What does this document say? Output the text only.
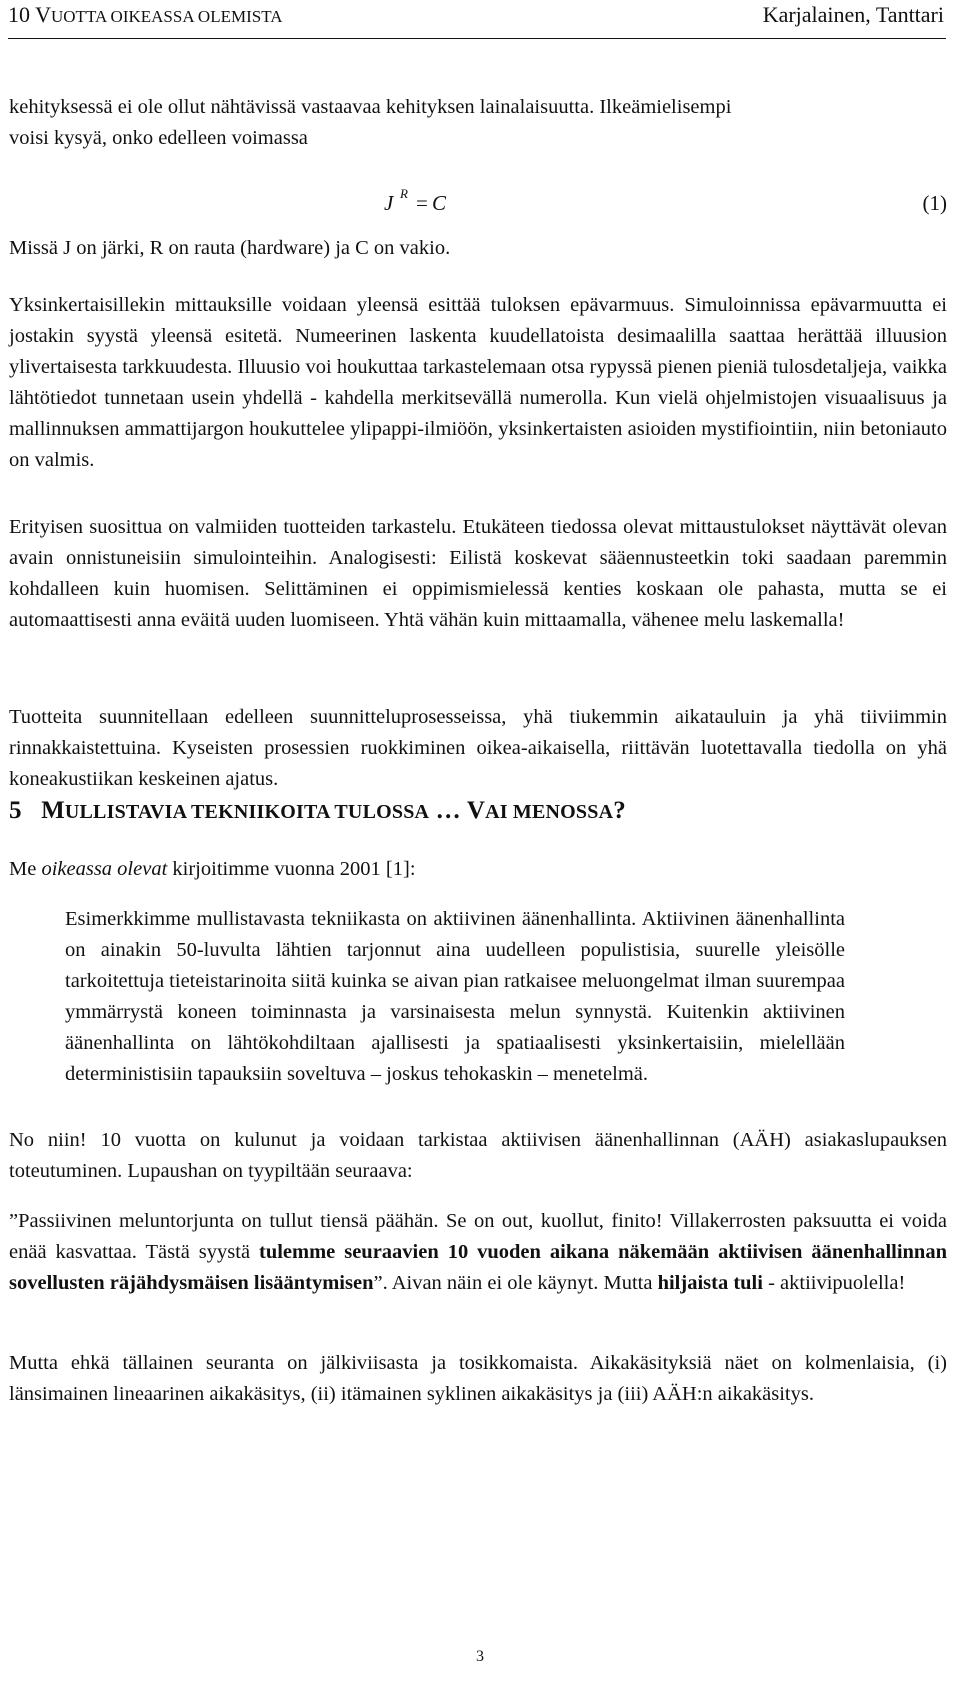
10 VUOTTA OIKEASSA OLEMISTA	Karjalainen, Tanttari

kehityksessä ei ole ollut nähtävissä vastaavaa kehityksen lainalaisuutta. Ilkeämielisempi
voisi kysyä, onko edelleen voimassa

J R = C	(1)

Missä J on järki, R on rauta (hardware) ja C on vakio.

Yksinkertaisillekin mittauksille voidaan yleensä esittää tuloksen epävarmuus. Simuloinnissa epävarmuutta ei jostakin syystä yleensä esitetä. Numeerinen laskenta kuudellatoista desimaalilla saattaa herättää illuusion ylivertaisesta tarkkuudesta. Illuusio voi houkuttaa tarkastelemaan otsa rypyssä pienen pieniä tulosdetaljeja, vaikka lähtötiedot tunnetaan usein yhdellä - kahdella merkitsevällä numerolla. Kun vielä ohjelmistojen visuaalisuus ja mallinnuksen ammattijargon houkuttelee ylipappi-ilmiöön, yksinkertaisten asioiden mystifiointiin, niin betoniauto on valmis.

Erityisen suosittua on valmiiden tuotteiden tarkastelu. Etukäteen tiedossa olevat mittaustulokset näyttävät olevan avain onnistuneisiin simulointeihin. Analogisesti: Eilistä koskevat sääennusteetkin toki saadaan paremmin kohdalleen kuin huomisen. Selittäminen ei oppimismielessä kenties koskaan ole pahasta, mutta se ei automaattisesti anna eväitä uuden luomiseen. Yhtä vähän kuin mittaamalla, vähenee melu laskemalla!

Tuotteita suunnitellaan edelleen suunnitteluprosesseissa, yhä tiukemmin aikatauluin ja yhä tiiviimmin rinnakkaistettuina. Kyseisten prosessien ruokkiminen oikea-aikaisella, riittävän luotettavalla tiedolla on yhä koneakustiikan keskeinen ajatus.

5 MULLISTAVIA TEKNIIKOITA TULOSSA … VAI MENOSSA?

Me oikeassa olevat kirjoitimme vuonna 2001 [1]:

Esimerkkimme mullistavasta tekniikasta on aktiivinen äänenhallinta. Aktiivinen äänenhallinta on ainakin 50-luvulta lähtien tarjonnut aina uudelleen populistisia, suurelle yleisölle tarkoitettuja tieteistarinoita siitä kuinka se aivan pian ratkaisee meluongelmat ilman suurempaa ymmärrystä koneen toiminnasta ja varsinaisesta melun synnystä. Kuitenkin aktiivinen äänenhallinta on lähtökohdiltaan ajallisesti ja spatiaalisesti yksinkertaisiin, mielellään deterministisiin tapauksiin soveltuva – joskus tehokaskin – menetelmä.

No niin! 10 vuotta on kulunut ja voidaan tarkistaa aktiivisen äänenhallinnan (AÄH) asiakaslupauksen toteutuminen. Lupaushan on tyypiltään seuraava:

”Passiivinen meluntorjunta on tullut tiensä päähän. Se on out, kuollut, finito! Villakerrosten paksuutta ei voida enää kasvattaa. Tästä syystä tulemme seuraavien 10 vuoden aikana näkemään aktiivisen äänenhallinnan sovellusten räjähdysmäisen lisääntymisen”. Aivan näin ei ole käynyt. Mutta hiljaista tuli - aktiivipuolella!

Mutta ehkä tällainen seuranta on jälkiviisasta ja tosikkomaista. Aikakäsityksiä näet on kolmenlaisia, (i) länsimainen lineaarinen aikakäsitys, (ii) itämainen syklinen aikakäsitys ja (iii) AÄH:n aikakäsitys.

3
